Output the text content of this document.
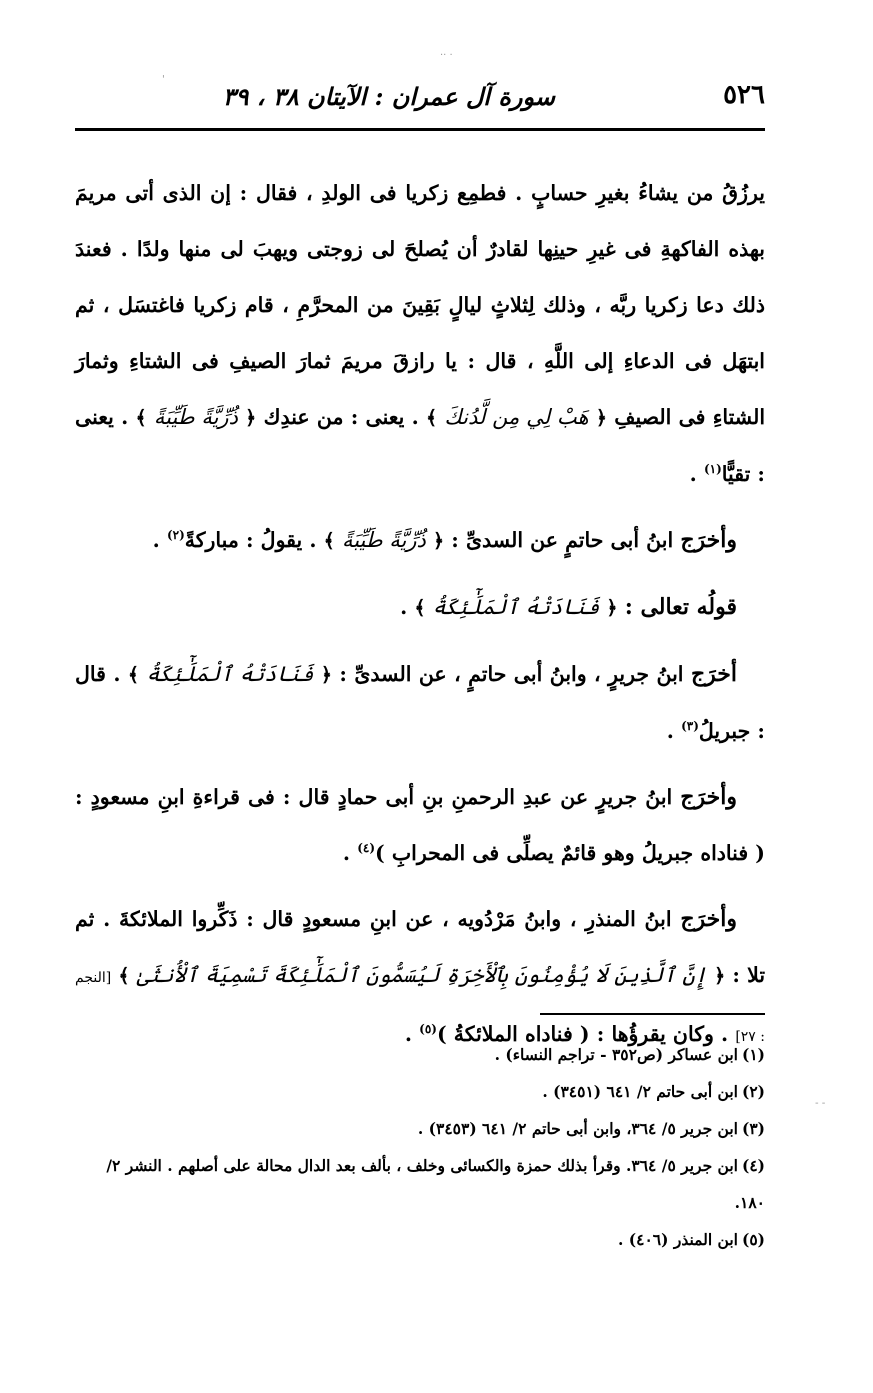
·· ·
'
- -
٥٢٦
سورة آل عمران : الآيتان ٣٨ ، ٣٩

يرزُقُ من يشاءُ بغيرِ حسابٍ . فطمِع زكريا فى الولدِ ، فقال : إن الذى أتى مريمَ بهذه الفاكهةِ فى غيرِ حينِها لقادرٌ أن يُصلحَ لى زوجتى ويهبَ لى منها ولدًا . فعندَ ذلك دعا زكريا ربَّه ، وذلك لِثلاثٍ ليالٍ بَقِينَ من المحرَّمِ ، قام زكريا فاغتسَل ، ثم ابتهَل فى الدعاءِ إلى اللَّهِ ، قال : يا رازقَ مريمَ ثمارَ الصيفِ فى الشتاءِ وثمارَ الشتاءِ فى الصيفِ ﴿ هَبْ لِي مِن لَّدُنكَ ﴾ . يعنى : من عندِك ﴿ ذُرِّيَّةً طَيِّبَةً ﴾ . يعنى : تقيًّا$^{(١)}$ .

وأخرَج ابنُ أبى حاتمٍ عن السدىِّ : ﴿ ذُرِّيَّةً طَيِّبَةً ﴾ . يقولُ : مباركةً$^{(٢)}$ .

قولُه تعالى : ﴿ فَنَادَتْهُ ٱلْمَلَٰٓئِكَةُ ﴾ .

أخرَج ابنُ جريرٍ ، وابنُ أبى حاتمٍ ، عن السدىِّ : ﴿ فَنَادَتْهُ ٱلْمَلَٰٓئِكَةُ ﴾ . قال : جبريلُ$^{(٣)}$ .

وأخرَج ابنُ جريرٍ عن عبدِ الرحمنِ بنِ أبى حمادٍ قال : فى قراءةِ ابنِ مسعودٍ : ( فناداه جبريلُ وهو قائمٌ يصلِّى فى المحرابِ )$^{(٤)}$ .

وأخرَج ابنُ المنذرِ ، وابنُ مَرْدُويه ، عن ابنِ مسعودٍ قال : ذَكِّروا الملائكةَ . ثم تلا : ﴿ إِنَّ ٱلَّذِينَ لَا يُؤْمِنُونَ بِٱلْأَخِرَةِ لَيُسَمُّونَ ٱلْمَلَٰٓئِكَةَ تَسْمِيَةَ ٱلْأُنثَىٰ ﴾ [النجم : ٢٧] . وكان يقرؤُها : ( فناداه الملائكةُ )$^{(٥)}$ .

(١)ابن عساكر (ص٣٥٢ - تراجم النساء) .

(٢)ابن أبى حاتم ٢/ ٦٤١ (٣٤٥١) .

(٣)ابن جرير ٥/ ٣٦٤، وابن أبى حاتم ٢/ ٦٤١ (٣٤٥٣) .

(٤)ابن جرير ٥/ ٣٦٤. وقرأ بذلك حمزة والكسائى وخلف ، بألف بعد الدال محالة على أصلهم . النشر ٢/ ١٨٠.

(٥)ابن المنذر (٤٠٦) .
